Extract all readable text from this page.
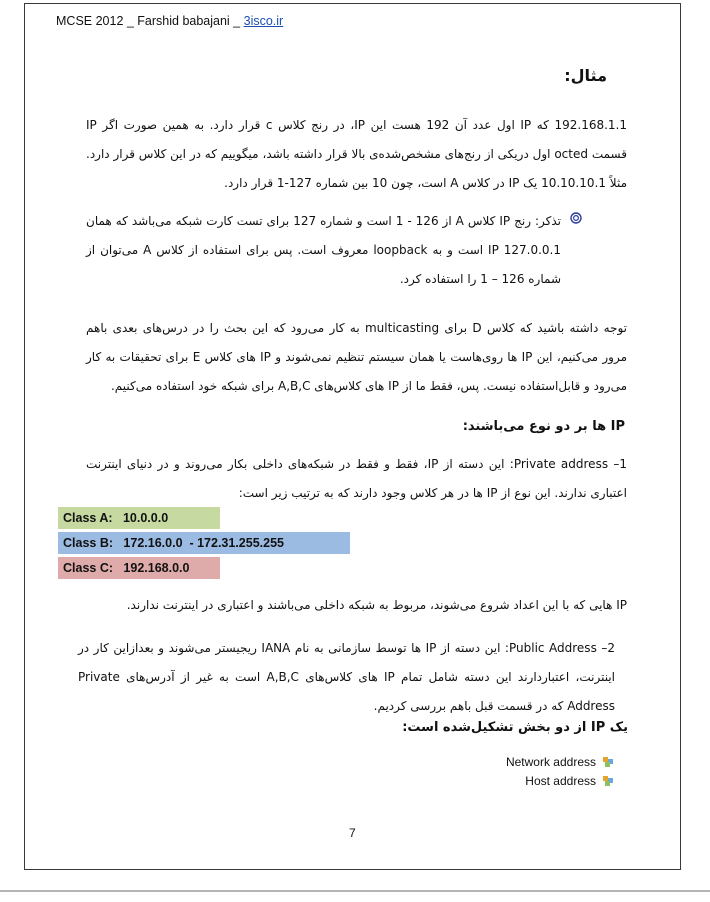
MCSE 2012 _ Farshid babajani _ 3isco.ir
مثال:
192.168.1.1 که IP اول عدد آن 192 هست این IP، در رنج کلاس c قرار دارد. به همین صورت اگر IP قسمت octed اول دریکی از رنج‌های مشخص‌شده‌ی بالا قرار داشته باشد، میگوییم که در این کلاس قرار دارد. مثلاً 10.10.10.1 یک IP در کلاس A است، چون 10 بین شماره 127-1 قرار دارد.
تذکر: رنج IP کلاس A از 126 - 1 است و شماره 127 برای تست کارت شبکه می‌باشد که همان IP 127.0.0.1 است و به loopback معروف است. پس برای استفاده از کلاس A می‌توان از شماره 126 – 1 را استفاده کرد.
توجه داشته باشید که کلاس D برای multicasting به کار می‌رود که این بحث را در درس‌های بعدی باهم مرور می‌کنیم، این IP ها روی‌هاست یا همان سیستم تنظیم نمی‌شوند و IP های کلاس E برای تحقیقات به کار می‌رود و قابل‌استفاده نیست. پس، فقط ما از IP های کلاس‌های A,B,C برای شبکه خود استفاده می‌کنیم.
IP ها بر دو نوع می‌باشند:
1– Private address: این دسته از IP، فقط و فقط در شبکه‌های داخلی بکار می‌روند و در دنیای اینترنت اعتباری ندارند. این نوع از IP ها در هر کلاس وجود دارند که به ترتیب زیر است:
Class A:   10.0.0.0
Class B:   172.16.0.0  - 172.31.255.255
Class C:   192.168.0.0
IP هایی که با این اعداد شروع می‌شوند، مربوط به شبکه داخلی می‌باشند و اعتباری در اینترنت ندارند.
2– Public Address: این دسته از IP ها توسط سازمانی به نام IANA ریجیستر می‌شوند و بعدازاین کار در اینترنت، اعتباردارند این دسته شامل تمام IP های کلاس‌های A,B,C است به غیر از آدرس‌های Private Address که در قسمت قبل باهم بررسی کردیم.
یک IP از دو بخش تشکیل‌شده است:
Network address
Host address
7
